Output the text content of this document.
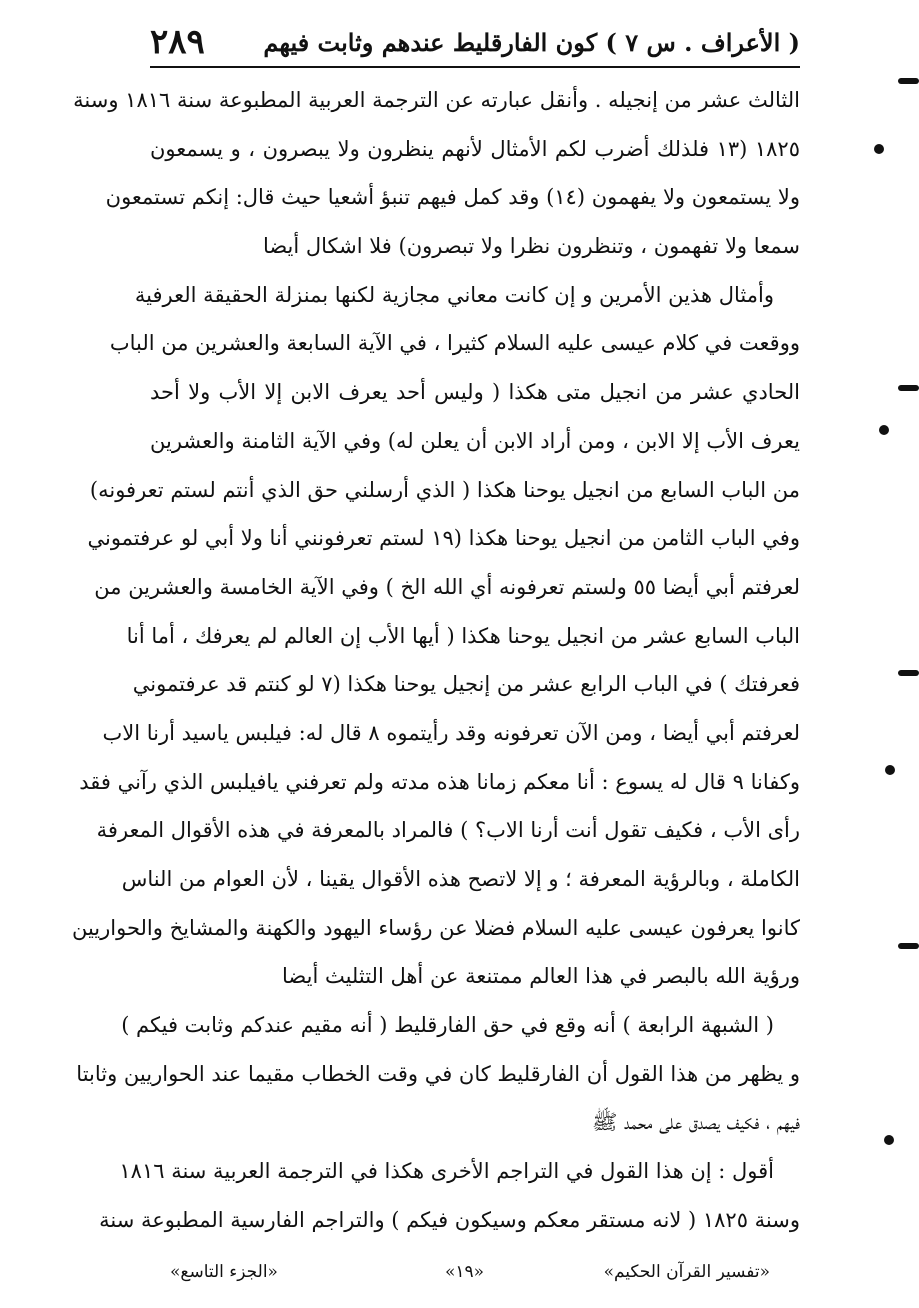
( الأعراف . س ٧ ) كون الفارقليط عندهم وثابت فيهم
٢٨٩
الثالث عشر من إنجيله . وأنقل عبارته عن الترجمة العربية المطبوعة سنة ١٨١٦ وسنة
١٨٢٥ (١٣ فلذلك أضرب لكم الأمثال لأنهم ينظرون ولا يبصرون ، و يسمعون
ولا يستمعون ولا يفهمون (١٤) وقد كمل فيهم تنبؤ أشعيا حيث قال: إنكم تستمعون
سمعا ولا تفهمون ، وتنظرون نظرا ولا تبصرون) فلا اشكال أيضا
وأمثال هذين الأمرين و إن كانت معاني مجازية لكنها بمنزلة الحقيقة العرفية
ووقعت في كلام عيسى عليه السلام كثيرا ، في الآية السابعة والعشرين من الباب
الحادي عشر من انجيل متى هكذا ( وليس أحد يعرف الابن إلا الأب ولا أحد
يعرف الأب إلا الابن ، ومن أراد الابن أن يعلن له) وفي الآية الثامنة والعشرين
من الباب السابع من انجيل يوحنا هكذا ( الذي أرسلني حق الذي أنتم لستم تعرفونه)
وفي الباب الثامن من انجيل يوحنا هكذا (١٩ لستم تعرفونني أنا ولا أبي لو عرفتموني
لعرفتم أبي أيضا ٥٥ ولستم تعرفونه أي الله الخ ) وفي الآية الخامسة والعشرين من
الباب السابع عشر من انجيل يوحنا هكذا ( أيها الأب إن العالم لم يعرفك ، أما أنا
فعرفتك ) في الباب الرابع عشر من إنجيل يوحنا هكذا (٧ لو كنتم قد عرفتموني
لعرفتم أبي أيضا ، ومن الآن تعرفونه وقد رأيتموه ٨ قال له: فيلبس ياسيد أرنا الاب
وكفانا ٩ قال له يسوع : أنا معكم زمانا هذه مدته ولم تعرفني يافيلبس الذي رآني فقد
رأى الأب ، فكيف تقول أنت أرنا الاب؟ ) فالمراد بالمعرفة في هذه الأقوال المعرفة
الكاملة ، وبالرؤية المعرفة ؛ و إلا لاتصح هذه الأقوال يقينا ، لأن العوام من الناس
كانوا يعرفون عيسى عليه السلام فضلا عن رؤساء اليهود والكهنة والمشايخ والحواريين
ورؤية الله بالبصر في هذا العالم ممتنعة عن أهل التثليث أيضا
( الشبهة الرابعة ) أنه وقع في حق الفارقليط ( أنه مقيم عندكم وثابت فيكم )
و يظهر من هذا القول أن الفارقليط كان في وقت الخطاب مقيما عند الحواريين وثابتا
فيهم ، فكيف يصدق على محمد ﷺ
أقول : إن هذا القول في التراجم الأخرى هكذا في الترجمة العربية سنة ١٨١٦
وسنة ١٨٢٥ ( لانه مستقر معكم وسيكون فيكم ) والتراجم الفارسية المطبوعة سنة
«تفسير القرآن الحكيم»
«١٩»
«الجزء التاسع»
